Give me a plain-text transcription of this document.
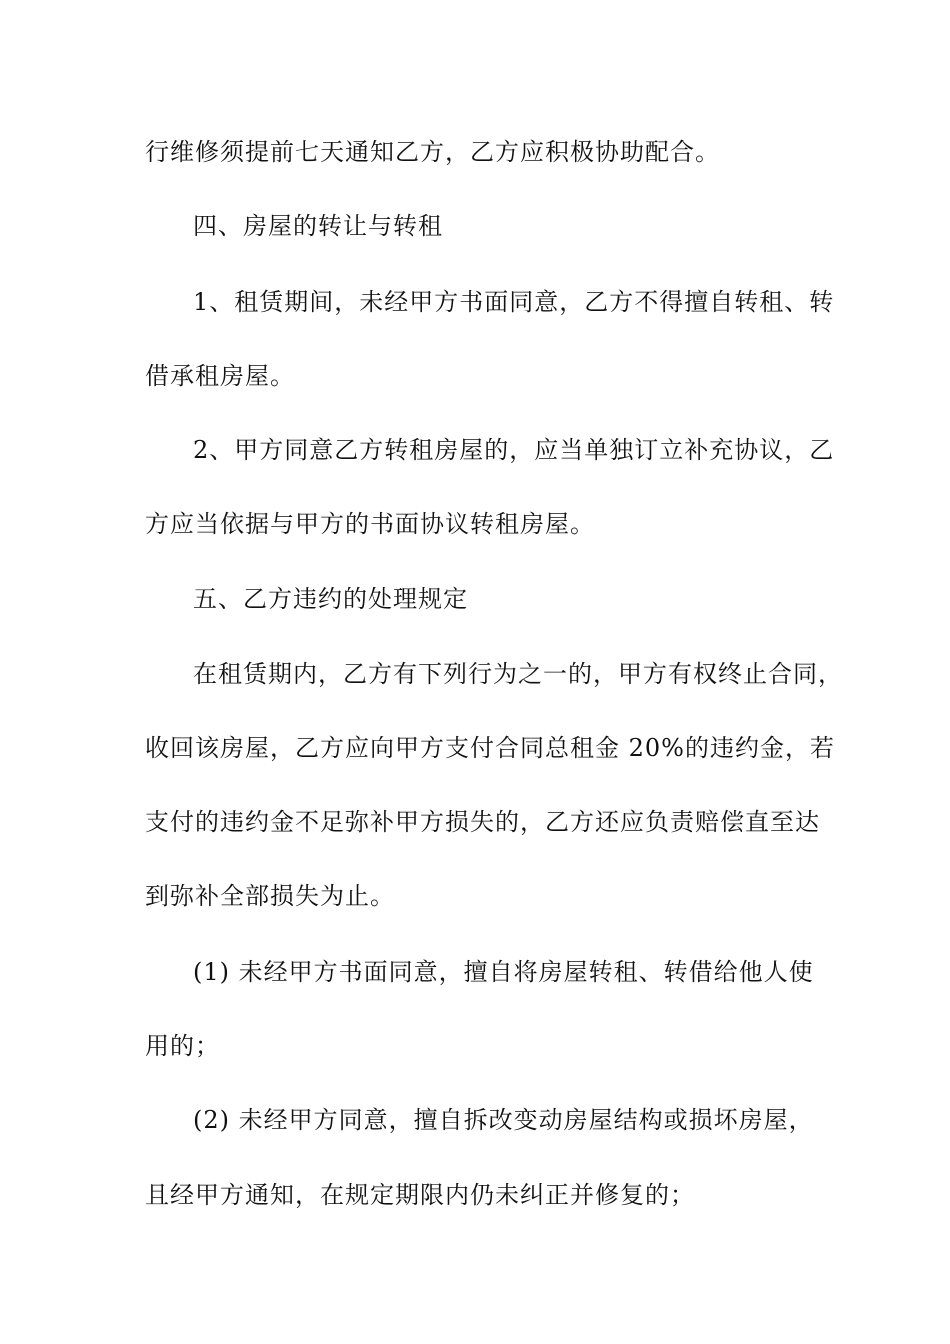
行维修须提前七天通知乙方，乙方应积极协助配合。
四、房屋的转让与转租
1、租赁期间，未经甲方书面同意，乙方不得擅自转租、转
借承租房屋。
2、甲方同意乙方转租房屋的，应当单独订立补充协议，乙
方应当依据与甲方的书面协议转租房屋。
五、乙方违约的处理规定
在租赁期内，乙方有下列行为之一的，甲方有权终止合同，
收回该房屋，乙方应向甲方支付合同总租金 20%的违约金，若
支付的违约金不足弥补甲方损失的，乙方还应负责赔偿直至达
到弥补全部损失为止。
(1) 未经甲方书面同意，擅自将房屋转租、转借给他人使
用的；
(2) 未经甲方同意，擅自拆改变动房屋结构或损坏房屋，
且经甲方通知，在规定期限内仍未纠正并修复的；
